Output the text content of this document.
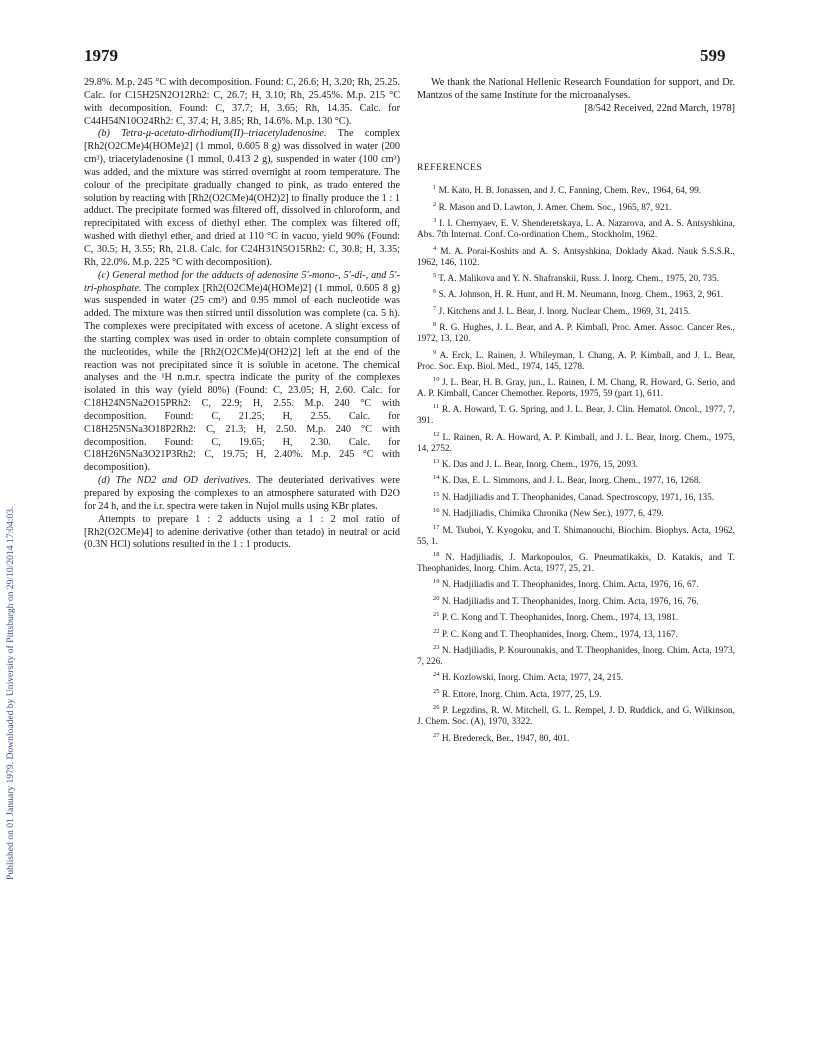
Published on 01 January 1979. Downloaded by University of Pittsburgh on 29/10/2014 17:04:03.
1979	599

29.8%. M.p. 245 °C with decomposition. Found: C, 26.6; H, 3.20; Rh, 25.25. Calc. for C15H25N2O12Rh2: C, 26.7; H, 3.10; Rh, 25.45%. M.p. 215 °C with decomposition. Found: C, 37.7; H, 3.65; Rh, 14.35. Calc. for C44H54N10O24Rh2: C, 37.4; H, 3.85; Rh, 14.6%. M.p. 130 °C).

(b) Tetra-μ-acetato-dirhodium(II)–triacetyladenosine. The complex [Rh2(O2CMe)4(HOMe)2] (1 mmol, 0.605 8 g) was dissolved in water (200 cm³), triacetyladenosine (1 mmol, 0.413 2 g), suspended in water (100 cm³) was added, and the mixture was stirred overnight at room temperature. The colour of the precipitate gradually changed to pink, as trado entered the solution by reacting with [Rh2(O2CMe)4(OH2)2] to finally produce the 1 : 1 adduct. The precipitate formed was filtered off, dissolved in chloroform, and reprecipitated with excess of diethyl ether. The complex was filtered off, washed with diethyl ether, and dried at 110 °C in vacuo, yield 90% (Found: C, 30.5; H, 3.55; Rh, 21.8. Calc. for C24H31N5O15Rh2: C, 30.8; H, 3.35; Rh, 22.0%. M.p. 225 °C with decomposition).

(c) General method for the adducts of adenosine 5′-mono-, 5′-di-, and 5′-tri-phosphate. The complex [Rh2(O2CMe)4(HOMe)2] (1 mmol, 0.605 8 g) was suspended in water (25 cm³) and 0.95 mmol of each nucleotide was added. The mixture was then stirred until dissolution was complete (ca. 5 h). The complexes were precipitated with excess of acetone. A slight excess of the starting complex was used in order to obtain complete consumption of the nucleotides, while the [Rh2(O2CMe)4(OH2)2] left at the end of the reaction was not precipitated since it is soluble in acetone. The chemical analyses and the ¹H n.m.r. spectra indicate the purity of the complexes isolated in this way (yield 80%) (Found: C, 23.05; H, 2.60. Calc. for C18H24N5Na2O15PRh2: C, 22.9; H, 2.55. M.p. 240 °C with decomposition. Found: C, 21.25; H, 2.55. Calc. for C18H25N5Na3O18P2Rh2: C, 21.3; H, 2.50. M.p. 240 °C with decomposition. Found: C, 19.65; H, 2.30. Calc. for C18H26N5Na3O21P3Rh2: C, 19.75; H, 2.40%. M.p. 245 °C with decomposition).

(d) The ND2 and OD derivatives. The deuteriated derivatives were prepared by exposing the complexes to an atmosphere saturated with D2O for 24 h, and the i.r. spectra were taken in Nujol mulls using KBr plates.

Attempts to prepare 1 : 2 adducts using a 1 : 2 mol ratio of [Rh2(O2CMe)4] to adenine derivative (other than tetado) in neutral or acid (0.3N HCl) solutions resulted in the 1 : 1 products.

We thank the National Hellenic Research Foundation for support, and Dr. Mantzos of the same Institute for the microanalyses.

[8/542 Received, 22nd March, 1978]

REFERENCES

$^1$ M. Kato, H. B. Jonassen, and J. C. Fanning, Chem. Rev., 1964, 64, 99.

$^2$ R. Mason and D. Lawton, J. Amer. Chem. Soc., 1965, 87, 921.

$^3$ I. I. Chernyaev, E. V. Shenderetskaya, L. A. Nazarova, and A. S. Antsyshkina, Abs. 7th Internat. Conf. Co-ordination Chem., Stockholm, 1962.

$^4$ M. A. Porai-Koshits and A. S. Antsyshkina, Doklady Akad. Nauk S.S.S.R., 1962, 146, 1102.

$^5$ T. A. Malikova and Y. N. Shafranskii, Russ. J. Inorg. Chem., 1975, 20, 735.

$^6$ S. A. Johnson, H. R. Hunt, and H. M. Neumann, Inorg. Chem., 1963, 2, 961.

$^7$ J. Kitchens and J. L. Bear, J. Inorg. Nuclear Chem., 1969, 31, 2415.

$^8$ R. G. Hughes, J. L. Bear, and A. P. Kimball, Proc. Amer. Assoc. Cancer Res., 1972, 13, 120.

$^9$ A. Erck, L. Rainen, J. Whileyman, I. Chang, A. P. Kimball, and J. L. Bear, Proc. Soc. Exp. Biol. Med., 1974, 145, 1278.

$^{10}$ J. L. Bear, H. B. Gray, jun., L. Rainen, I. M. Chang, R. Howard, G. Serio, and A. P. Kimball, Cancer Chemother. Reports, 1975, 59 (part 1), 611.

$^{11}$ R. A. Howard, T. G. Spring, and J. L. Bear, J. Clin. Hematol. Oncol., 1977, 7, 391.

$^{12}$ L. Rainen, R. A. Howard, A. P. Kimball, and J. L. Bear, Inorg. Chem., 1975, 14, 2752.

$^{13}$ K. Das and J. L. Bear, Inorg. Chem., 1976, 15, 2093.

$^{14}$ K. Das, E. L. Simmons, and J. L. Bear, Inorg. Chem., 1977, 16, 1268.

$^{15}$ N. Hadjiliadis and T. Theophanides, Canad. Spectroscopy, 1971, 16, 135.

$^{16}$ N. Hadjiliadis, Chimika Chronika (New Ser.), 1977, 6, 479.

$^{17}$ M. Tsuboi, Y. Kyogoku, and T. Shimanouchi, Biochim. Biophys. Acta, 1962, 55, 1.

$^{18}$ N. Hadjiliadis, J. Markopoulos, G. Pneumatikakis, D. Katakis, and T. Theophanides, Inorg. Chim. Acta, 1977, 25, 21.

$^{19}$ N. Hadjiliadis and T. Theophanides, Inorg. Chim. Acta, 1976, 16, 67.

$^{20}$ N. Hadjiliadis and T. Theophanides, Inorg. Chim. Acta, 1976, 16, 76.

$^{21}$ P. C. Kong and T. Theophanides, Inorg. Chem., 1974, 13, 1981.

$^{22}$ P. C. Kong and T. Theophanides, Inorg. Chem., 1974, 13, 1167.

$^{23}$ N. Hadjiliadis, P. Kourounakis, and T. Theophanides, Inorg. Chim. Acta, 1973, 7, 226.

$^{24}$ H. Kozlowski, Inorg. Chim. Acta, 1977, 24, 215.

$^{25}$ R. Ettore, Inorg. Chim. Acta, 1977, 25, L9.

$^{26}$ P. Legzdins, R. W. Mitchell, G. L. Rempel, J. D. Ruddick, and G. Wilkinson, J. Chem. Soc. (A), 1970, 3322.

$^{27}$ H. Bredereck, Ber., 1947, 80, 401.
